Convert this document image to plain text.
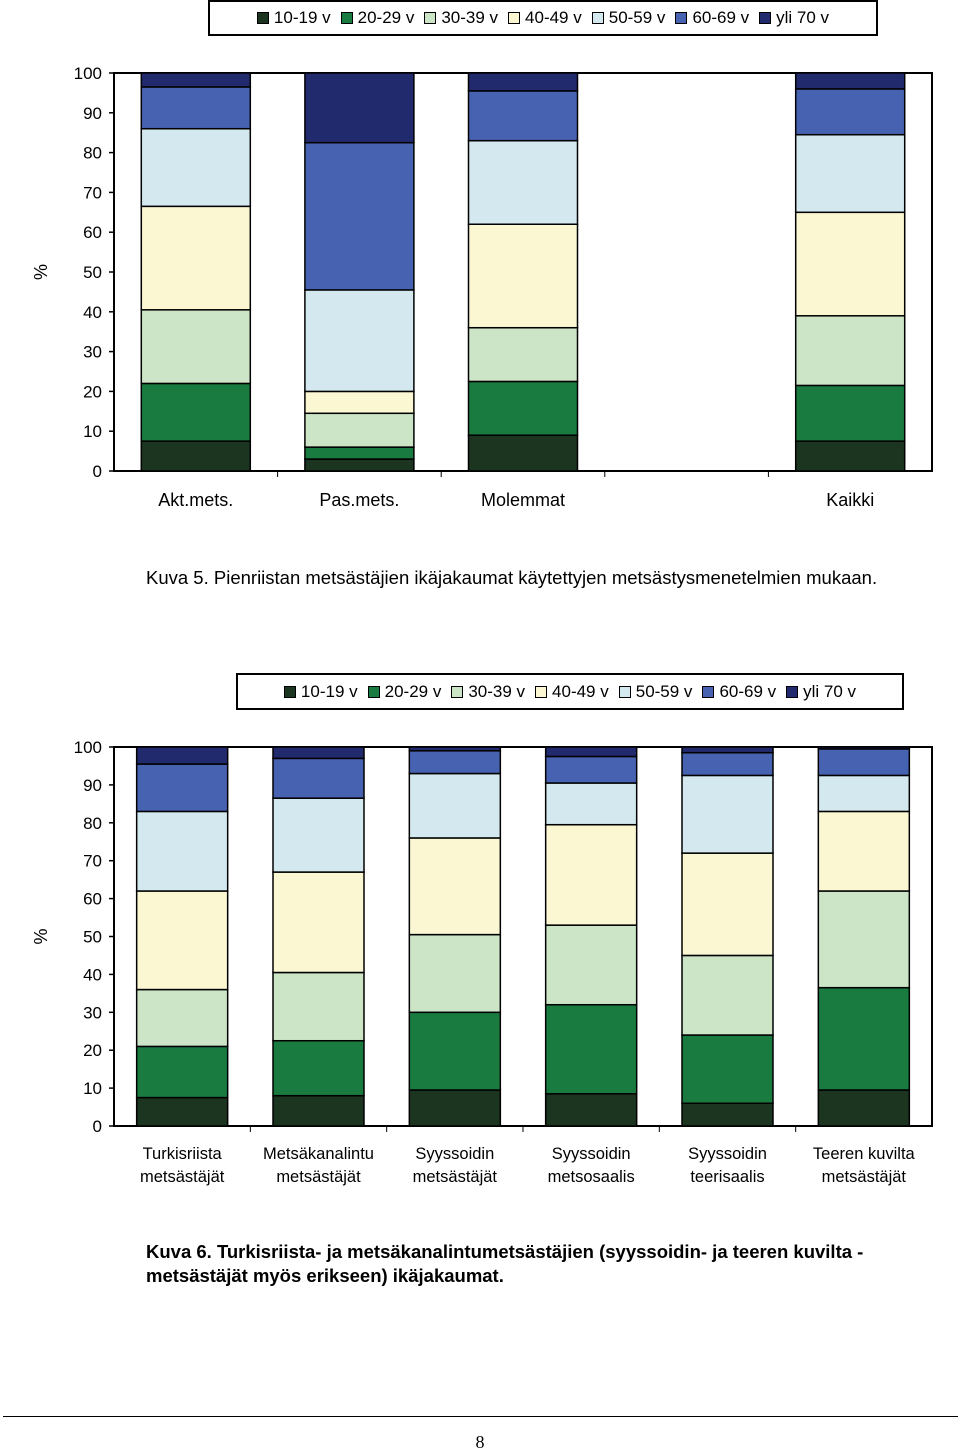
10-19 v 20-29 v 30-39 v 40-49 v 50-59 v 60-69 v yli 70 v
0
10
20
30
40
50
60
70
80
90
100
%
Akt.mets.	Pas.mets.	Molemmat	Kaikki
Kuva 5. Pienriistan metsästäjien ikäjakaumat käytettyjen metsästysmenetelmien mukaan.
10-19 v 20-29 v 30-39 v 40-49 v 50-59 v 60-69 v yli 70 v
0
10
20
30
40
50
60
70
80
90
100
%
Turkisriista
metsästäjät
Metsäkanalintu
metsästäjät
Syyssoidin
metsästäjät
Syyssoidin
metsosaalis
Syyssoidin
teerisaalis
Teeren kuvilta
metsästäjät
Kuva 6. Turkisriista- ja metsäkanalintumetsästäjien (syyssoidin- ja teeren kuvilta -metsästäjät myös erikseen) ikäjakaumat.
8
